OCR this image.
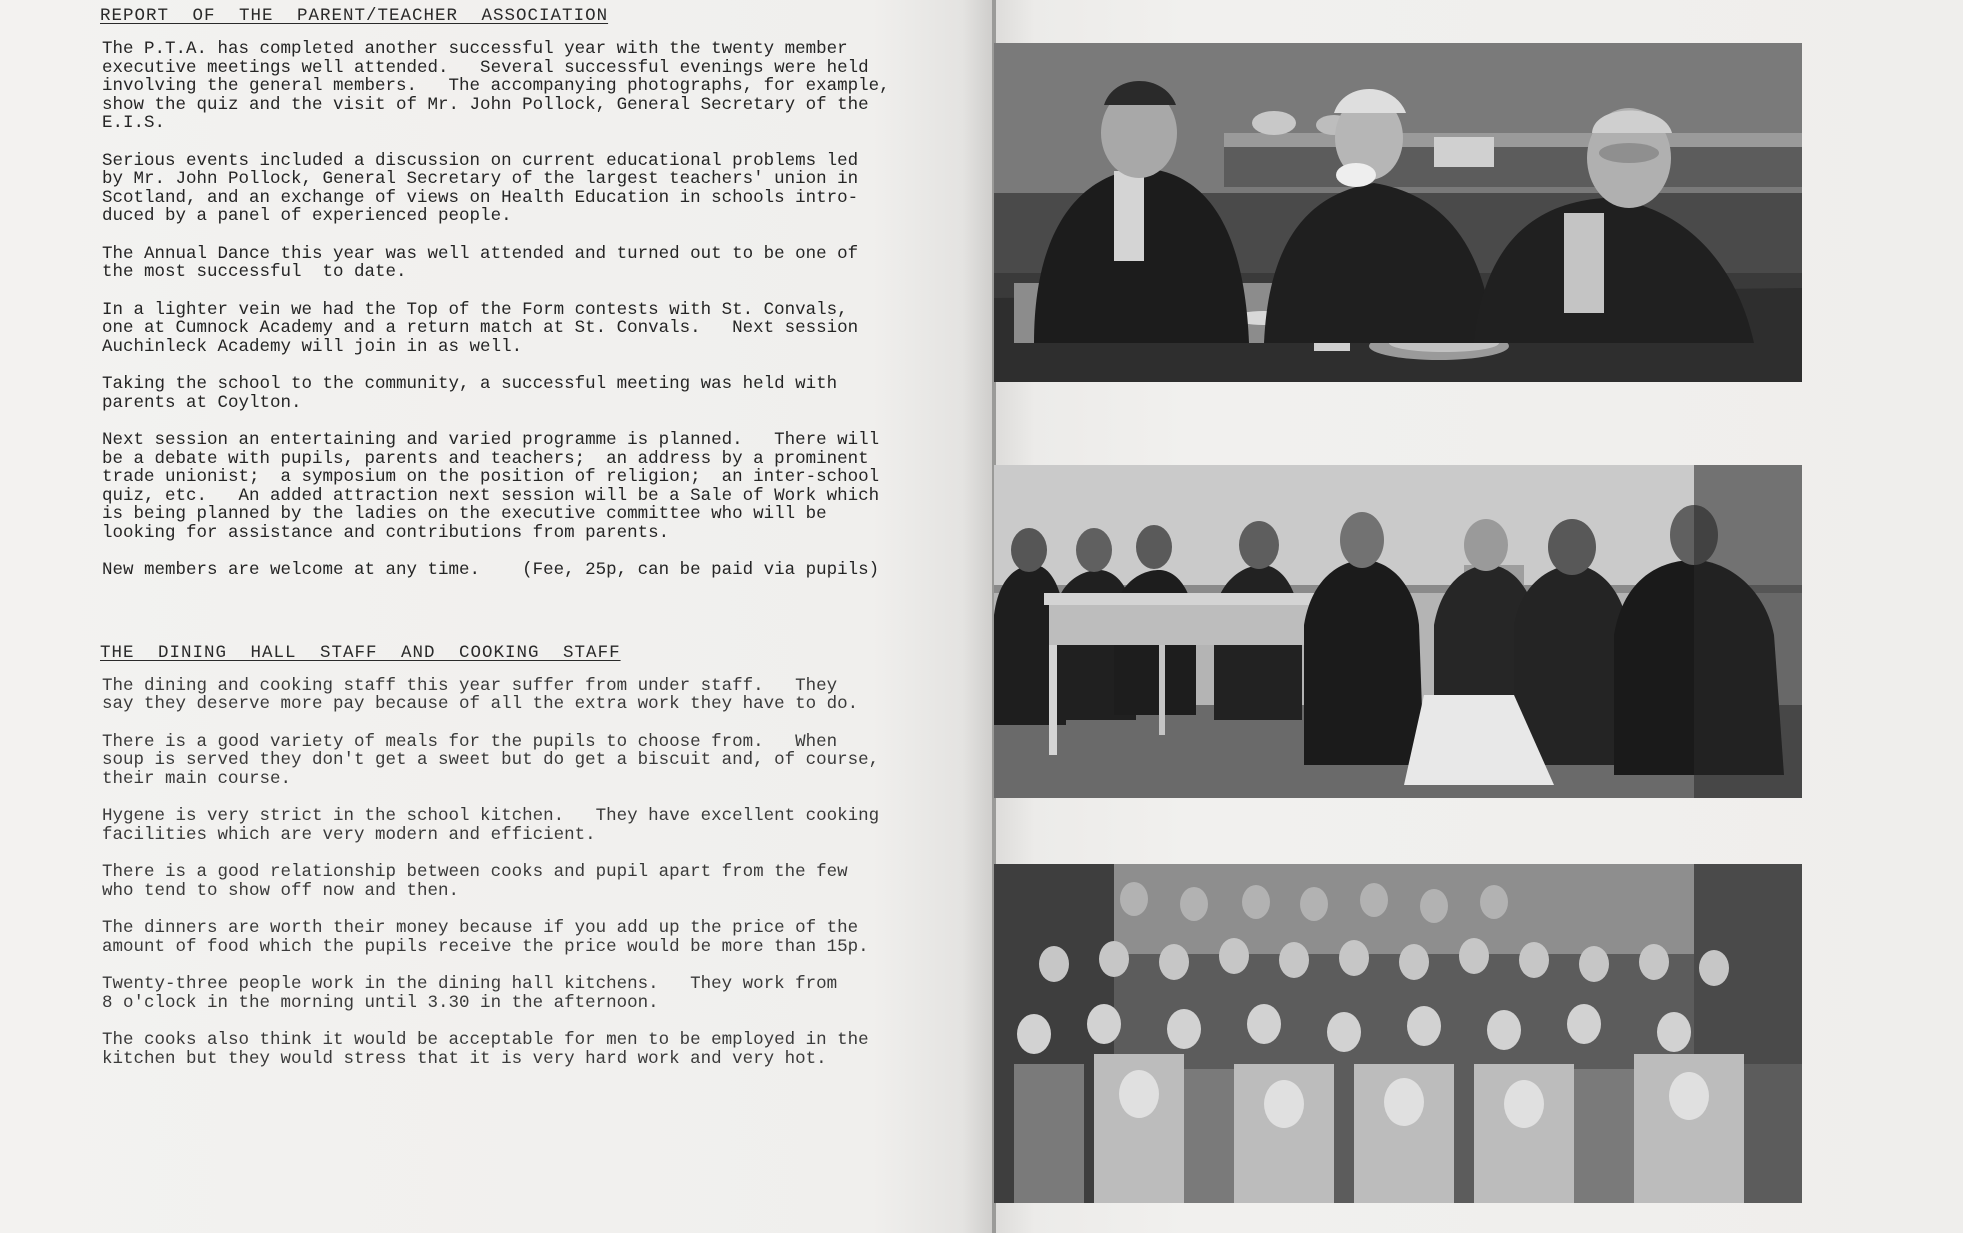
REPORT OF THE PARENT/TEACHER ASSOCIATION

The P.T.A. has completed another successful year with the twenty member
executive meetings well attended.   Several successful evenings were held
involving the general members.   The accompanying photographs, for example,
show the quiz and the visit of Mr. John Pollock, General Secretary of the
E.I.S.

Serious events included a discussion on current educational problems led
by Mr. John Pollock, General Secretary of the largest teachers' union in
Scotland, and an exchange of views on Health Education in schools intro-
duced by a panel of experienced people.

The Annual Dance this year was well attended and turned out to be one of
the most successful  to date.

In a lighter vein we had the Top of the Form contests with St. Convals,
one at Cumnock Academy and a return match at St. Convals.   Next session
Auchinleck Academy will join in as well.

Taking the school to the community, a successful meeting was held with
parents at Coylton.

Next session an entertaining and varied programme is planned.   There will
be a debate with pupils, parents and teachers;  an address by a prominent
trade unionist;  a symposium on the position of religion;  an inter-school
quiz, etc.   An added attraction next session will be a Sale of Work which
is being planned by the ladies on the executive committee who will be
looking for assistance and contributions from parents.

New members are welcome at any time.    (Fee, 25p, can be paid via pupils)

THE DINING HALL STAFF AND COOKING STAFF

The dining and cooking staff this year suffer from under staff.   They
say they deserve more pay because of all the extra work they have to do.

There is a good variety of meals for the pupils to choose from.   When
soup is served they don't get a sweet but do get a biscuit and, of course,
their main course.

Hygene is very strict in the school kitchen.   They have excellent cooking
facilities which are very modern and efficient.

There is a good relationship between cooks and pupil apart from the few
who tend to show off now and then.

The dinners are worth their money because if you add up the price of the
amount of food which the pupils receive the price would be more than 15p.

Twenty-three people work in the dining hall kitchens.   They work from
8 o'clock in the morning until 3.30 in the afternoon.

The cooks also think it would be acceptable for men to be employed in the
kitchen but they would stress that it is very hard work and very hot.
